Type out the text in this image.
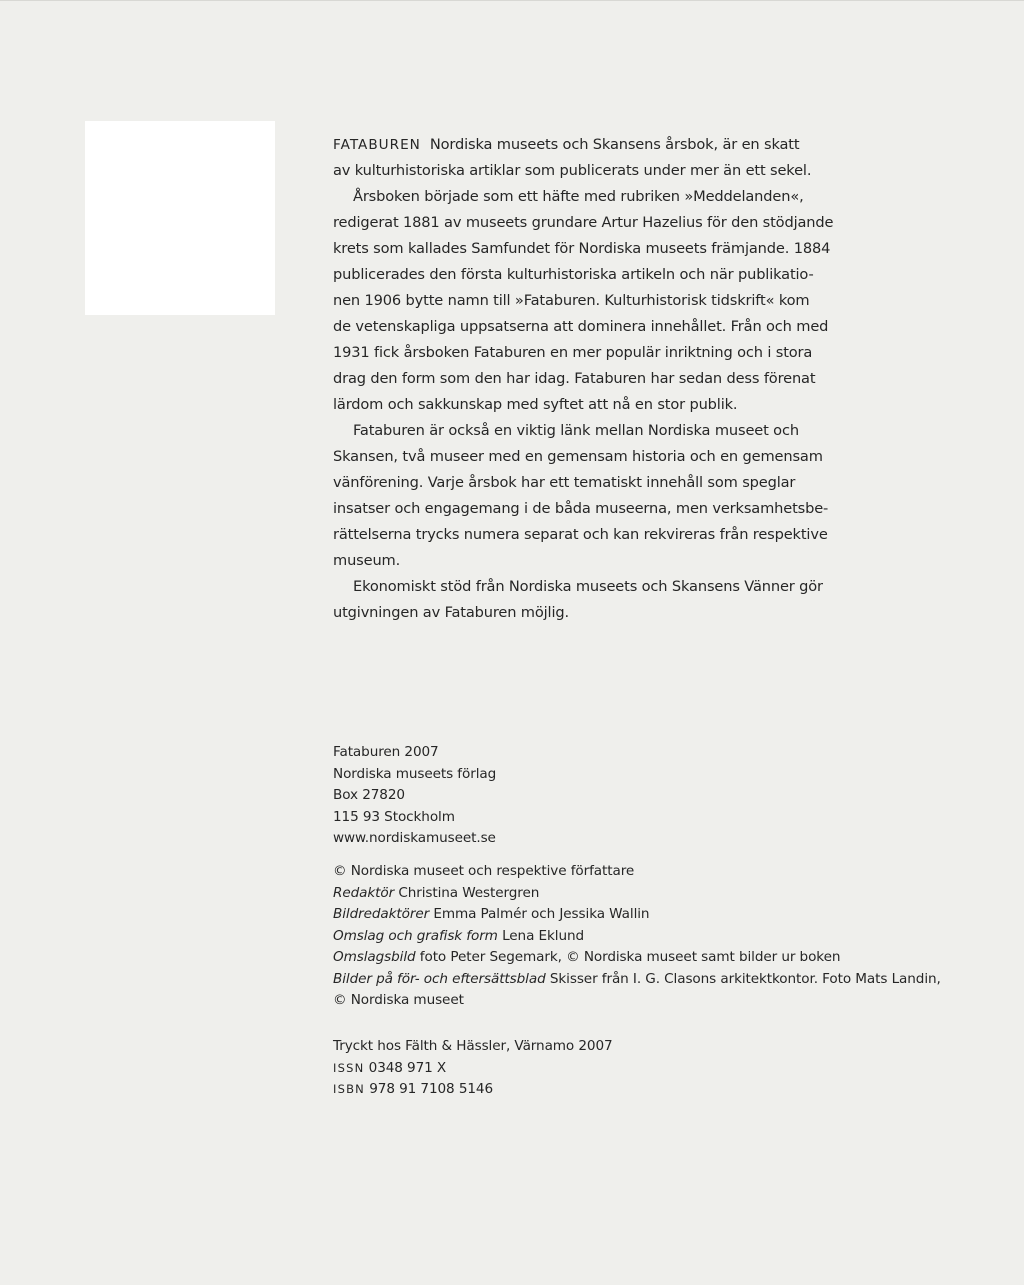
FATABUREN Nordiska museets och Skansens årsbok, är en skatt
av kulturhistoriska artiklar som publicerats under mer än ett sekel.
Årsboken började som ett häfte med rubriken »Meddelanden«,
redigerat 1881 av museets grundare Artur Hazelius för den stödjande
krets som kallades Samfundet för Nordiska museets främjande. 1884
publicerades den första kulturhistoriska artikeln och när publikatio-
nen 1906 bytte namn till »Fataburen. Kulturhistorisk tidskrift« kom
de vetenskapliga uppsatserna att dominera innehållet. Från och med
1931 fick årsboken Fataburen en mer populär inriktning och i stora
drag den form som den har idag. Fataburen har sedan dess förenat
lärdom och sakkunskap med syftet att nå en stor publik.
Fataburen är också en viktig länk mellan Nordiska museet och
Skansen, två museer med en gemensam historia och en gemensam
vänförening. Varje årsbok har ett tematiskt innehåll som speglar
insatser och engagemang i de båda museerna, men verksamhetsbe-
rättelserna trycks numera separat och kan rekvireras från respektive
museum.
Ekonomiskt stöd från Nordiska museets och Skansens Vänner gör
utgivningen av Fataburen möjlig.
Fataburen 2007
Nordiska museets förlag
Box 27820
115 93 Stockholm
www.nordiskamuseet.se
© Nordiska museet och respektive författare
Redaktör Christina Westergren
Bildredaktörer Emma Palmér och Jessika Wallin
Omslag och grafisk form Lena Eklund
Omslagsbild foto Peter Segemark, © Nordiska museet samt bilder ur boken
Bilder på för- och eftersättsblad Skisser från I. G. Clasons arkitektkontor. Foto Mats Landin,
© Nordiska museet
Tryckt hos Fälth & Hässler, Värnamo 2007
ISSN 0348 971 X
ISBN 978 91 7108 5146
